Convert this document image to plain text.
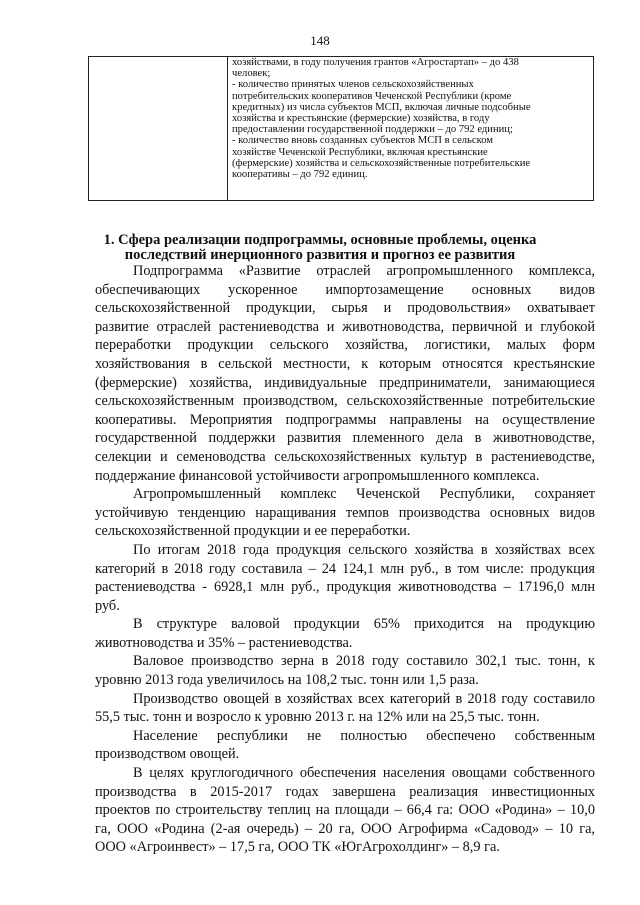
148
хозяйствами, в году получения грантов «Агростартап» – до 438
человек;
- количество принятых членов сельскохозяйственных
потребительских кооперативов Чеченской Республики (кроме
кредитных) из числа субъектов МСП, включая личные подсобные
хозяйства и крестьянские (фермерские) хозяйства, в году
предоставлении государственной поддержки – до 792 единиц;
- количество вновь созданных субъектов МСП в сельском
хозяйстве Чеченской Республики, включая крестьянские
(фермерские) хозяйства и сельскохозяйственные потребительские
кооперативы – до 792 единиц.
1. Сфера реализации подпрограммы, основные проблемы, оценка
последствий инерционного развития и прогноз ее развития
Подпрограмма «Развитие отраслей агропромышленного комплекса,
обеспечивающих ускоренное импортозамещение основных видов
сельскохозяйственной продукции, сырья и продовольствия» охватывает
развитие отраслей растениеводства и животноводства, первичной и глубокой
переработки продукции сельского хозяйства, логистики, малых форм
хозяйствования в сельской местности, к которым относятся крестьянские
(фермерские) хозяйства, индивидуальные предприниматели, занимающиеся
сельскохозяйственным производством, сельскохозяйственные потребительские
кооперативы. Мероприятия подпрограммы направлены на осуществление
государственной поддержки развития племенного дела в животноводстве,
селекции и семеноводства сельскохозяйственных культур в растениеводстве,
поддержание финансовой устойчивости агропромышленного комплекса.
Агропромышленный комплекс Чеченской Республики, сохраняет
устойчивую тенденцию наращивания темпов производства основных видов
сельскохозяйственной продукции и ее переработки.
По итогам 2018 года продукция сельского хозяйства в хозяйствах всех
категорий в 2018 году составила – 24 124,1 млн руб., в том числе: продукция
растениеводства - 6928,1 млн руб., продукция животноводства – 17196,0 млн
руб.
В структуре валовой продукции 65% приходится на продукцию
животноводства и 35% – растениеводства.
Валовое производство зерна в 2018 году составило 302,1 тыс. тонн, к
уровню 2013 года увеличилось на 108,2 тыс. тонн или 1,5 раза.
Производство овощей в хозяйствах всех категорий в 2018 году составило
55,5 тыс. тонн и возросло к уровню 2013 г. на 12% или на 25,5 тыс. тонн.
Население республики не полностью обеспечено собственным
производством овощей.
В целях круглогодичного обеспечения населения овощами собственного
производства в 2015-2017 годах завершена реализация инвестиционных
проектов по строительству теплиц на площади – 66,4 га: ООО «Родина» – 10,0
га, ООО «Родина (2-ая очередь) – 20 га, ООО Агрофирма «Садовод» – 10 га,
ООО «Агроинвест» – 17,5 га, ООО ТК «ЮгАгрохолдинг» – 8,9 га.
